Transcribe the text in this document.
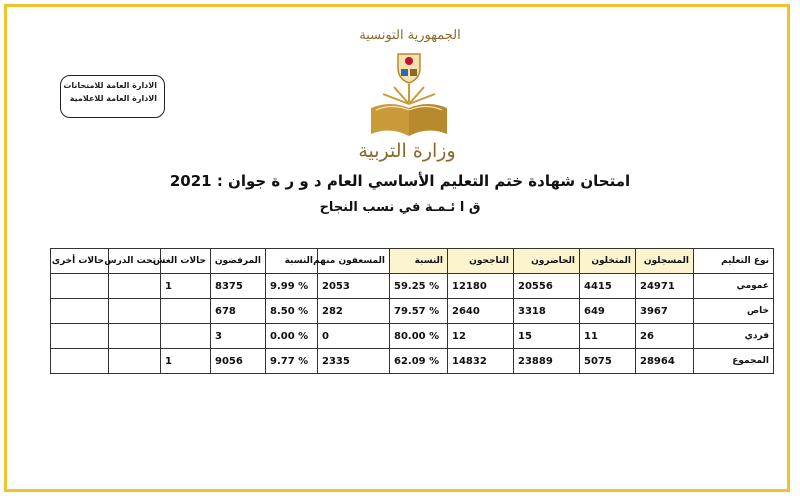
الجمهورية التونسية
وزارة التربية
الادارة العامة للامتحانات
الادارة العامة للاعلامية
امتحان شهادة ختم التعليم الأساسي العام د و ر ة جوان : 2021
ق ا ئـمـة في نسب النجاح
نوع التعليم	المسجلون	المتخلون	الحاضرون	الناجحون	النسبة	المسعفون منهم	النسبة	المرفضون	حالات الغش	تحت الدرس	حالات أخرى
عمومي	24971	4415	20556	12180	% 59.25	2053	% 9.99	8375	1		
خاص	3967	649	3318	2640	% 79.57	282	% 8.50	678			
فردي	26	11	15	12	% 80.00	0	% 0.00	3			
المجموع	28964	5075	23889	14832	% 62.09	2335	% 9.77	9056	1		
